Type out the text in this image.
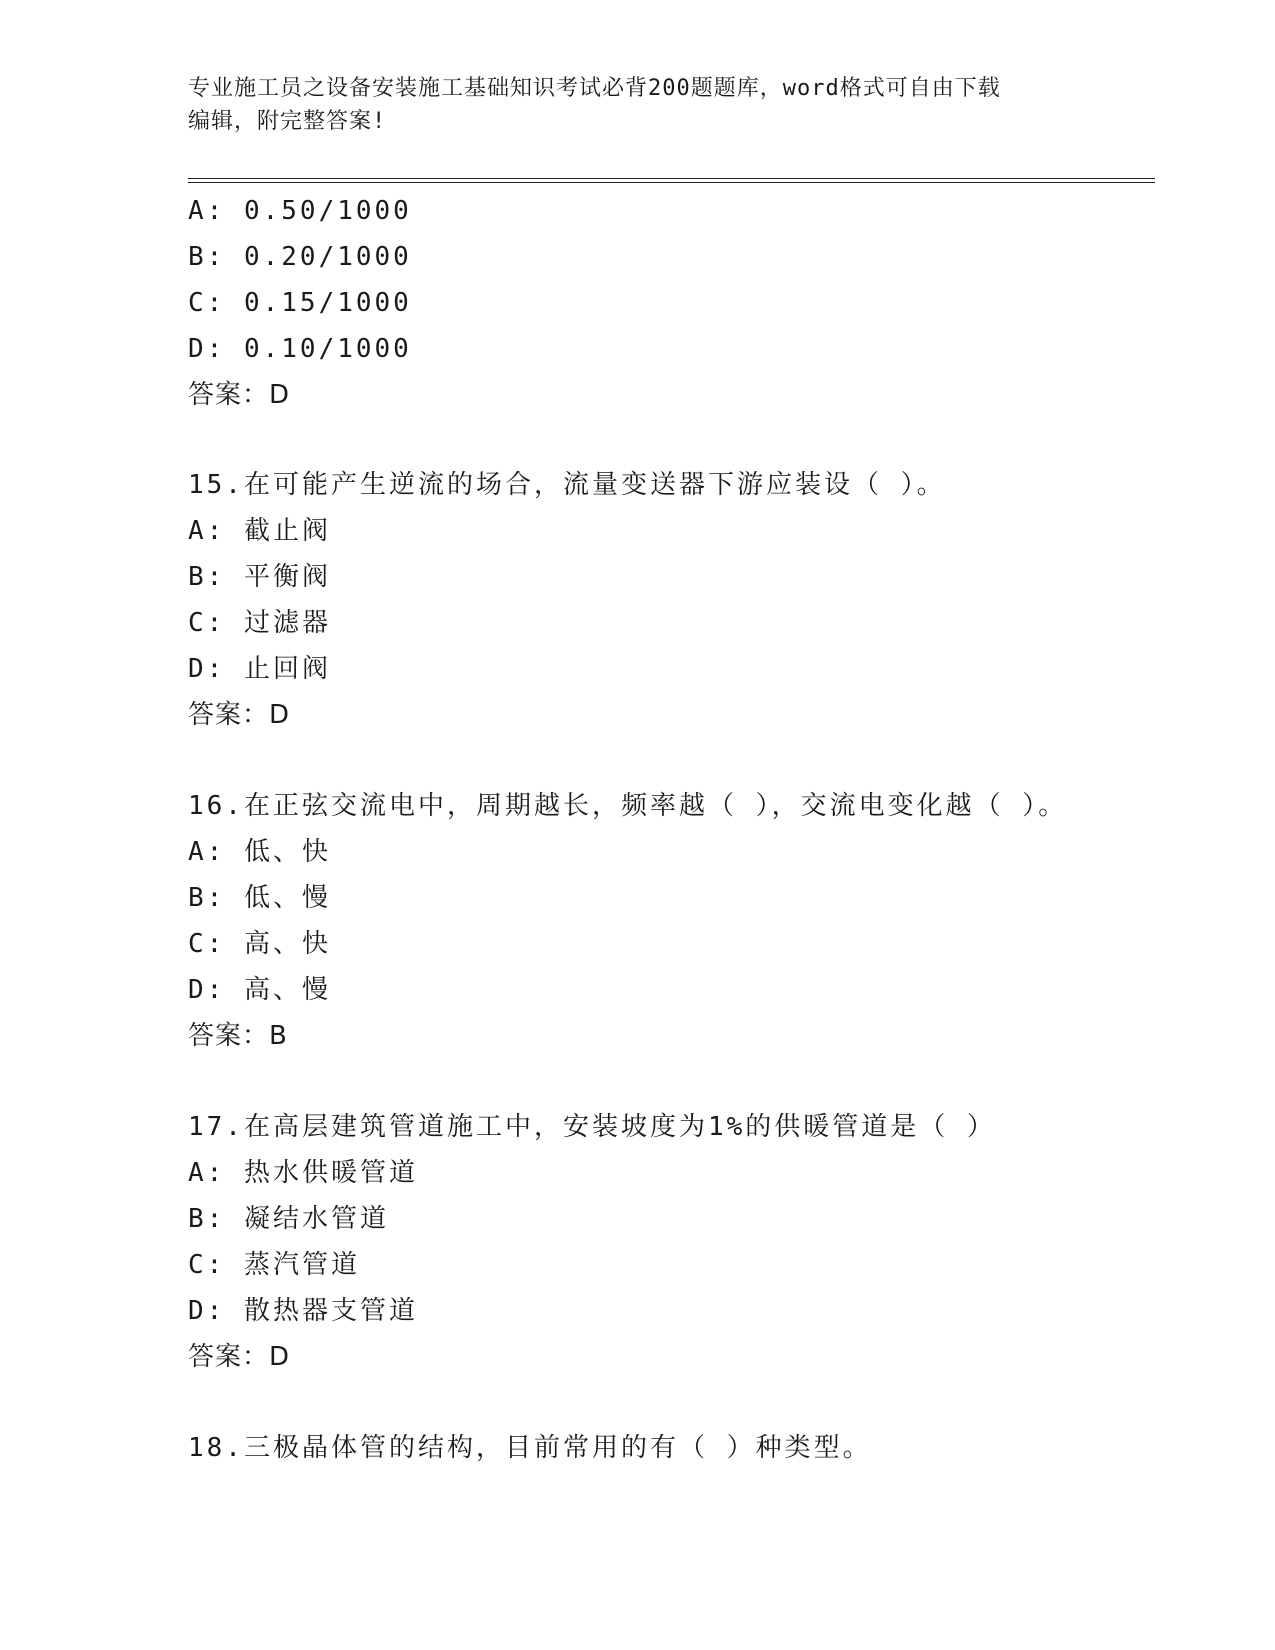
专业施工员之设备安装施工基础知识考试必背200题题库，word格式可自由下载
编辑，附完整答案!
A: 0.50/1000
B: 0.20/1000
C: 0.15/1000
D: 0.10/1000
答案：D
15.在可能产生逆流的场合，流量变送器下游应装设（ ）。
A: 截止阀
B: 平衡阀
C: 过滤器
D: 止回阀
答案：D
16.在正弦交流电中，周期越长，频率越（ ），交流电变化越（ ）。
A: 低、快
B: 低、慢
C: 高、快
D: 高、慢
答案：B
17.在高层建筑管道施工中，安装坡度为1%的供暖管道是（ ）
A: 热水供暖管道
B: 凝结水管道
C: 蒸汽管道
D: 散热器支管道
答案：D
18.三极晶体管的结构，目前常用的有（ ）种类型。
